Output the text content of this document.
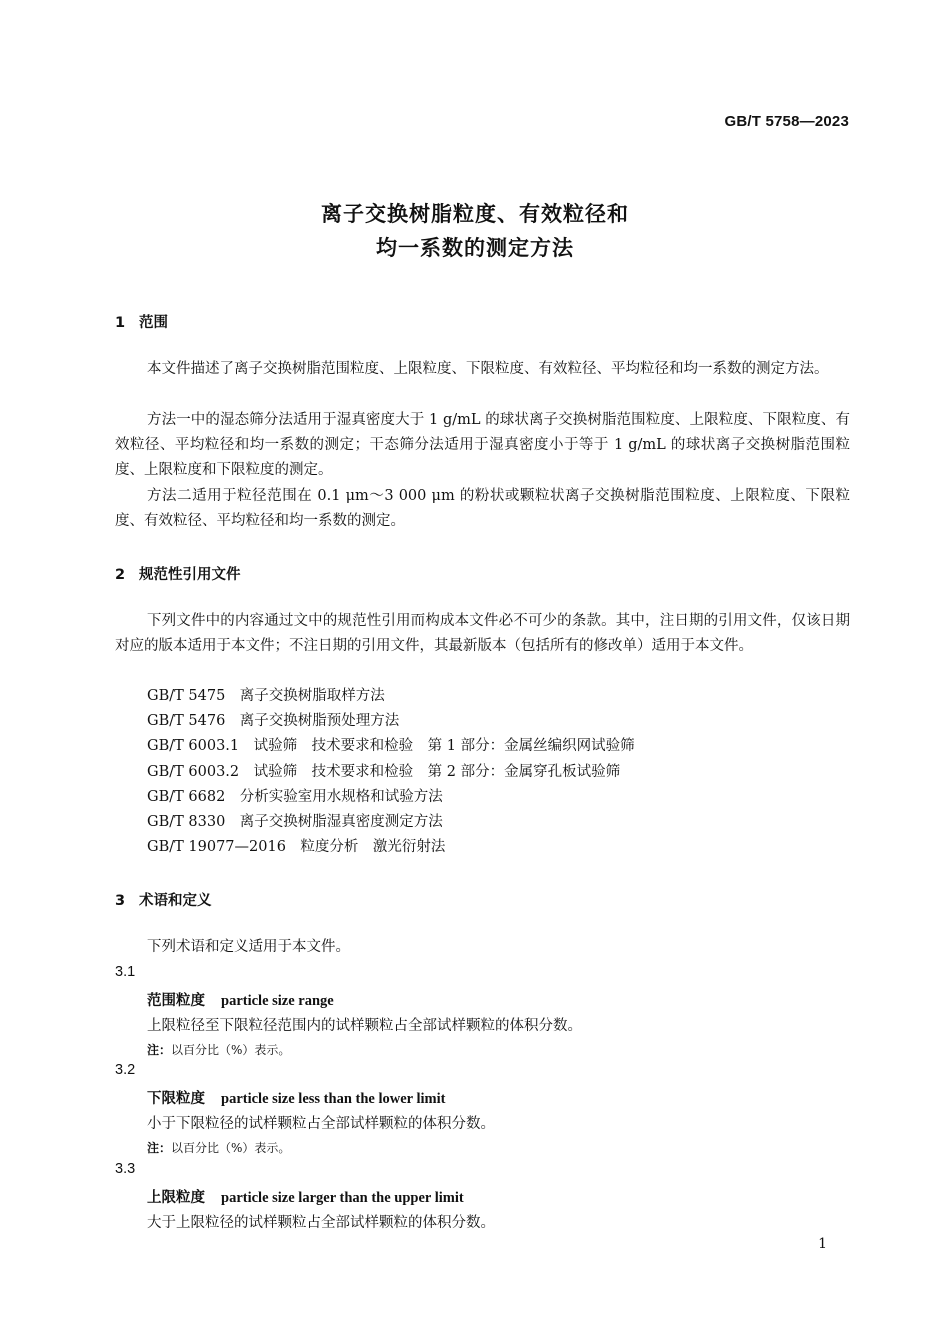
GB/T 5758—2023
离子交换树脂粒度、有效粒径和
均一系数的测定方法
1 范围
本文件描述了离子交换树脂范围粒度、上限粒度、下限粒度、有效粒径、平均粒径和均一系数的测定方法。
方法一中的湿态筛分法适用于湿真密度大于 1 g/mL 的球状离子交换树脂范围粒度、上限粒度、下限粒度、有效粒径、平均粒径和均一系数的测定；干态筛分法适用于湿真密度小于等于 1 g/mL 的球状离子交换树脂范围粒度、上限粒度和下限粒度的测定。
方法二适用于粒径范围在 0.1 μm～3 000 μm 的粉状或颗粒状离子交换树脂范围粒度、上限粒度、下限粒度、有效粒径、平均粒径和均一系数的测定。
2 规范性引用文件
下列文件中的内容通过文中的规范性引用而构成本文件必不可少的条款。其中，注日期的引用文件，仅该日期对应的版本适用于本文件；不注日期的引用文件，其最新版本（包括所有的修改单）适用于本文件。
GB/T 5475　离子交换树脂取样方法
GB/T 5476　离子交换树脂预处理方法
GB/T 6003.1　试验筛　技术要求和检验　第 1 部分：金属丝编织网试验筛
GB/T 6003.2　试验筛　技术要求和检验　第 2 部分：金属穿孔板试验筛
GB/T 6682　分析实验室用水规格和试验方法
GB/T 8330　离子交换树脂湿真密度测定方法
GB/T 19077—2016　粒度分析　激光衍射法
3 术语和定义
下列术语和定义适用于本文件。
3.1
范围粒度 particle size range
上限粒径至下限粒径范围内的试样颗粒占全部试样颗粒的体积分数。
注：以百分比（%）表示。
3.2
下限粒度 particle size less than the lower limit
小于下限粒径的试样颗粒占全部试样颗粒的体积分数。
注：以百分比（%）表示。
3.3
上限粒度 particle size larger than the upper limit
大于上限粒径的试样颗粒占全部试样颗粒的体积分数。
1
